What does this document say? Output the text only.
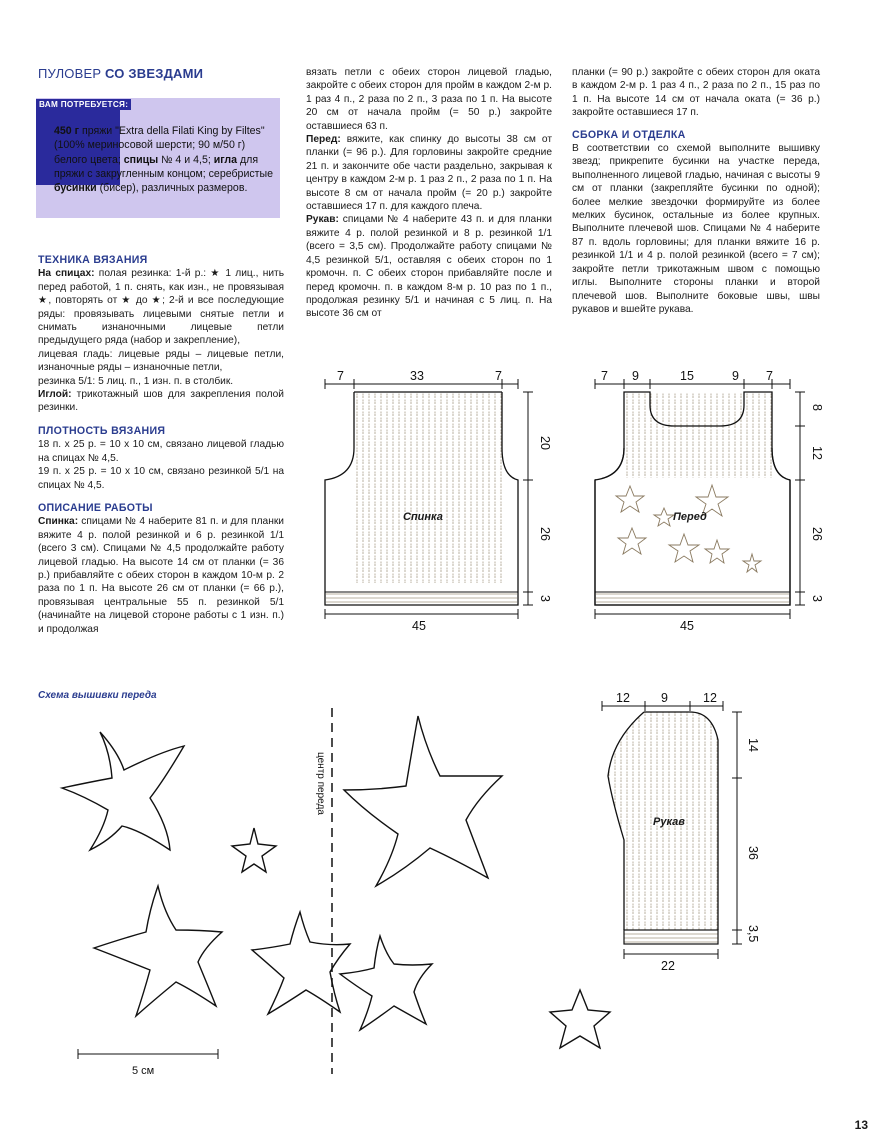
ПУЛОВЕР СО ЗВЕЗДАМИ
ВАМ ПОТРЕБУЕТСЯ:
450 г пряжи "Extra della Filati King by Filtes" (100% мериносовой шерсти; 90 м/50 г) белого цвета; спицы № 4 и 4,5; игла для пряжи с закругленным концом; серебристые бусинки (бисер), различных размеров.

ТЕХНИКА ВЯЗАНИЯ

На спицах: полая резинка: 1-й р.: ★ 1 лиц., нить перед работой, 1 п. снять, как изн., не провязывая ★, повторять от ★ до ★; 2-й и все последующие ряды: провязывать лицевыми снятые петли и снимать изнаночными лицевые петли предыдущего ряда (набор и закрепление),

лицевая гладь: лицевые ряды – лицевые петли, изнаночные ряды – изнаночные петли,

резинка 5/1: 5 лиц. п., 1 изн. п. в столбик.

Иглой: трикотажный шов для закрепления полой резинки.

ПЛОТНОСТЬ ВЯЗАНИЯ

18 п. х 25 р. = 10 х 10 см, связано лицевой гладью на спицах № 4,5.

19 п. х 25 р. = 10 х 10 см, связано резинкой 5/1 на спицах № 4,5.

ОПИСАНИЕ РАБОТЫ

Спинка: спицами № 4 наберите 81 п. и для планки вяжите 4 р. полой резинкой и 6 р. резинкой 1/1 (всего 3 см). Спицами № 4,5 продолжайте работу лицевой гладью. На высоте 14 см от планки (= 36 р.) прибавляйте с обеих сторон в каждом 10-м р. 2 раза по 1 п. На высоте 26 см от планки (= 66 р.), провязывая центральные 55 п. резинкой 5/1 (начинайте на лицевой стороне работы с 1 изн. п.) и продолжая

вязать петли с обеих сторон лицевой гладью, закройте с обеих сторон для пройм в каждом 2-м р. 1 раз 4 п., 2 раза по 2 п., 3 раза по 1 п. На высоте 20 см от начала пройм (= 50 р.) закройте оставшиеся 63 п.

Перед: вяжите, как спинку до высоты 38 см от планки (= 96 р.). Для горловины закройте средние 21 п. и закончите обе части раздельно, закрывая к центру в каждом 2-м р. 1 раз 2 п., 2 раза по 1 п. На высоте 8 см от начала пройм (= 20 р.) закройте оставшиеся 17 п. для каждого плеча.

Рукав: спицами № 4 наберите 43 п. и для планки вяжите 4 р. полой резинкой и 8 р. резинкой 1/1 (всего = 3,5 см). Продолжайте работу спицами № 4,5 резинкой 5/1, оставляя с обеих сторон по 1 кромочн. п. С обеих сторон прибавляйте после и перед кромочн. п. в каждом 8-м р. 10 раз по 1 п., продолжая резинку 5/1 и начиная с 5 лиц. п. На высоте 36 см от

планки (= 90 р.) закройте с обеих сторон для оката в каждом 2-м р. 1 раз 4 п., 2 раза по 2 п., 15 раз по 1 п. На высоте 14 см от начала оката (= 36 р.) закройте оставшиеся 17 п.

СБОРКА И ОТДЕЛКА

В соответствии со схемой выполните вышивку звезд; прикрепите бусинки на участке переда, выполненного лицевой гладью, начиная с высоты 9 см от планки (закрепляйте бусинки по одной); более мелкие звездочки формируйте из более мелких бусинок, остальные из более крупных. Выполните плечевой шов. Спицами № 4 наберите 87 п. вдоль горловины; для планки вяжите 16 р. резинкой 1/1 и 4 р. полой резинкой (всего = 7 см); закройте петли трикотажным швом с помощью иглы. Выполните стороны планки и второй плечевой шов. Выполните боковые швы, швы рукавов и вшейте рукава.

7	33	7
20
26
3
45
7 9	15	9 7
8
12
26
3
45
12 9	12
14
36
3,5
22
центр переда
5 см
Спинка	Перед
Рукав
Схема вышивки переда
13
